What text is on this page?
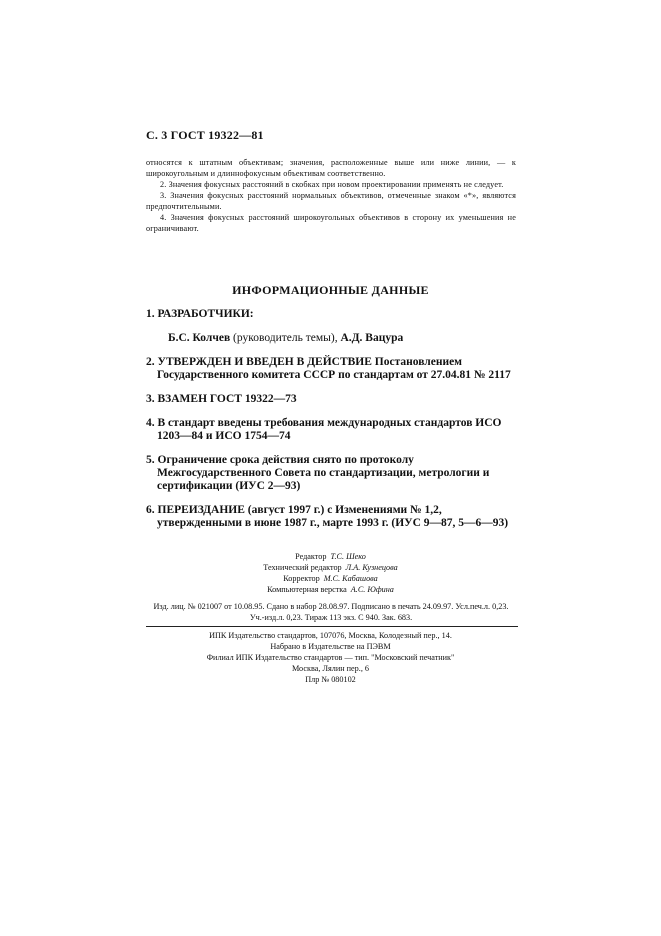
С. 3 ГОСТ 19322—81

относятся к штатным объективам; значения, расположенные выше или ниже линии, — к широкоугольным и длиннофокусным объективам соответственно.

2. Значения фокусных расстояний в скобках при новом проектировании применять не следует.

3. Значения фокусных расстояний нормальных объективов, отмеченные знаком «*», являются предпочтительными.

4. Значения фокусных расстояний широкоугольных объективов в сторону их уменьшения не ограничивают.

ИНФОРМАЦИОННЫЕ ДАННЫЕ
1. РАЗРАБОТЧИКИ:
Б.С. Колчев (руководитель темы), А.Д. Вацура
2. УТВЕРЖДЕН И ВВЕДЕН В ДЕЙСТВИЕ Постановлением Государственного комитета СССР по стандартам от 27.04.81 № 2117
3. ВЗАМЕН ГОСТ 19322—73
4. В стандарт введены требования международных стандартов ИСО 1203—84 и ИСО 1754—74
5. Ограничение срока действия снято по протоколу Межгосударственного Совета по стандартизации, метрологии и сертификации (ИУС 2—93)
6. ПЕРЕИЗДАНИЕ (август 1997 г.) с Изменениями № 1,2, утвержденными в июне 1987 г., марте 1993 г. (ИУС 9—87, 5—6—93)
Редактор Т.С. Шеко
Технический редактор Л.А. Кузнецова
Корректор М.С. Кабашова
Компьютерная верстка А.С. Юфина
Изд. лиц. № 021007 от 10.08.95. Сдано в набор 28.08.97. Подписано в печать 24.09.97. Усл.печ.л. 0,23. Уч.-изд.л. 0,23. Тираж 113 экз. С 940. Зак. 683.
ИПК Издательство стандартов, 107076, Москва, Колодезный пер., 14.
Набрано в Издательстве на ПЭВМ
Филиал ИПК Издательство стандартов — тип. "Московский печатник"
Москва, Лялин пер., 6
Плр № 080102
